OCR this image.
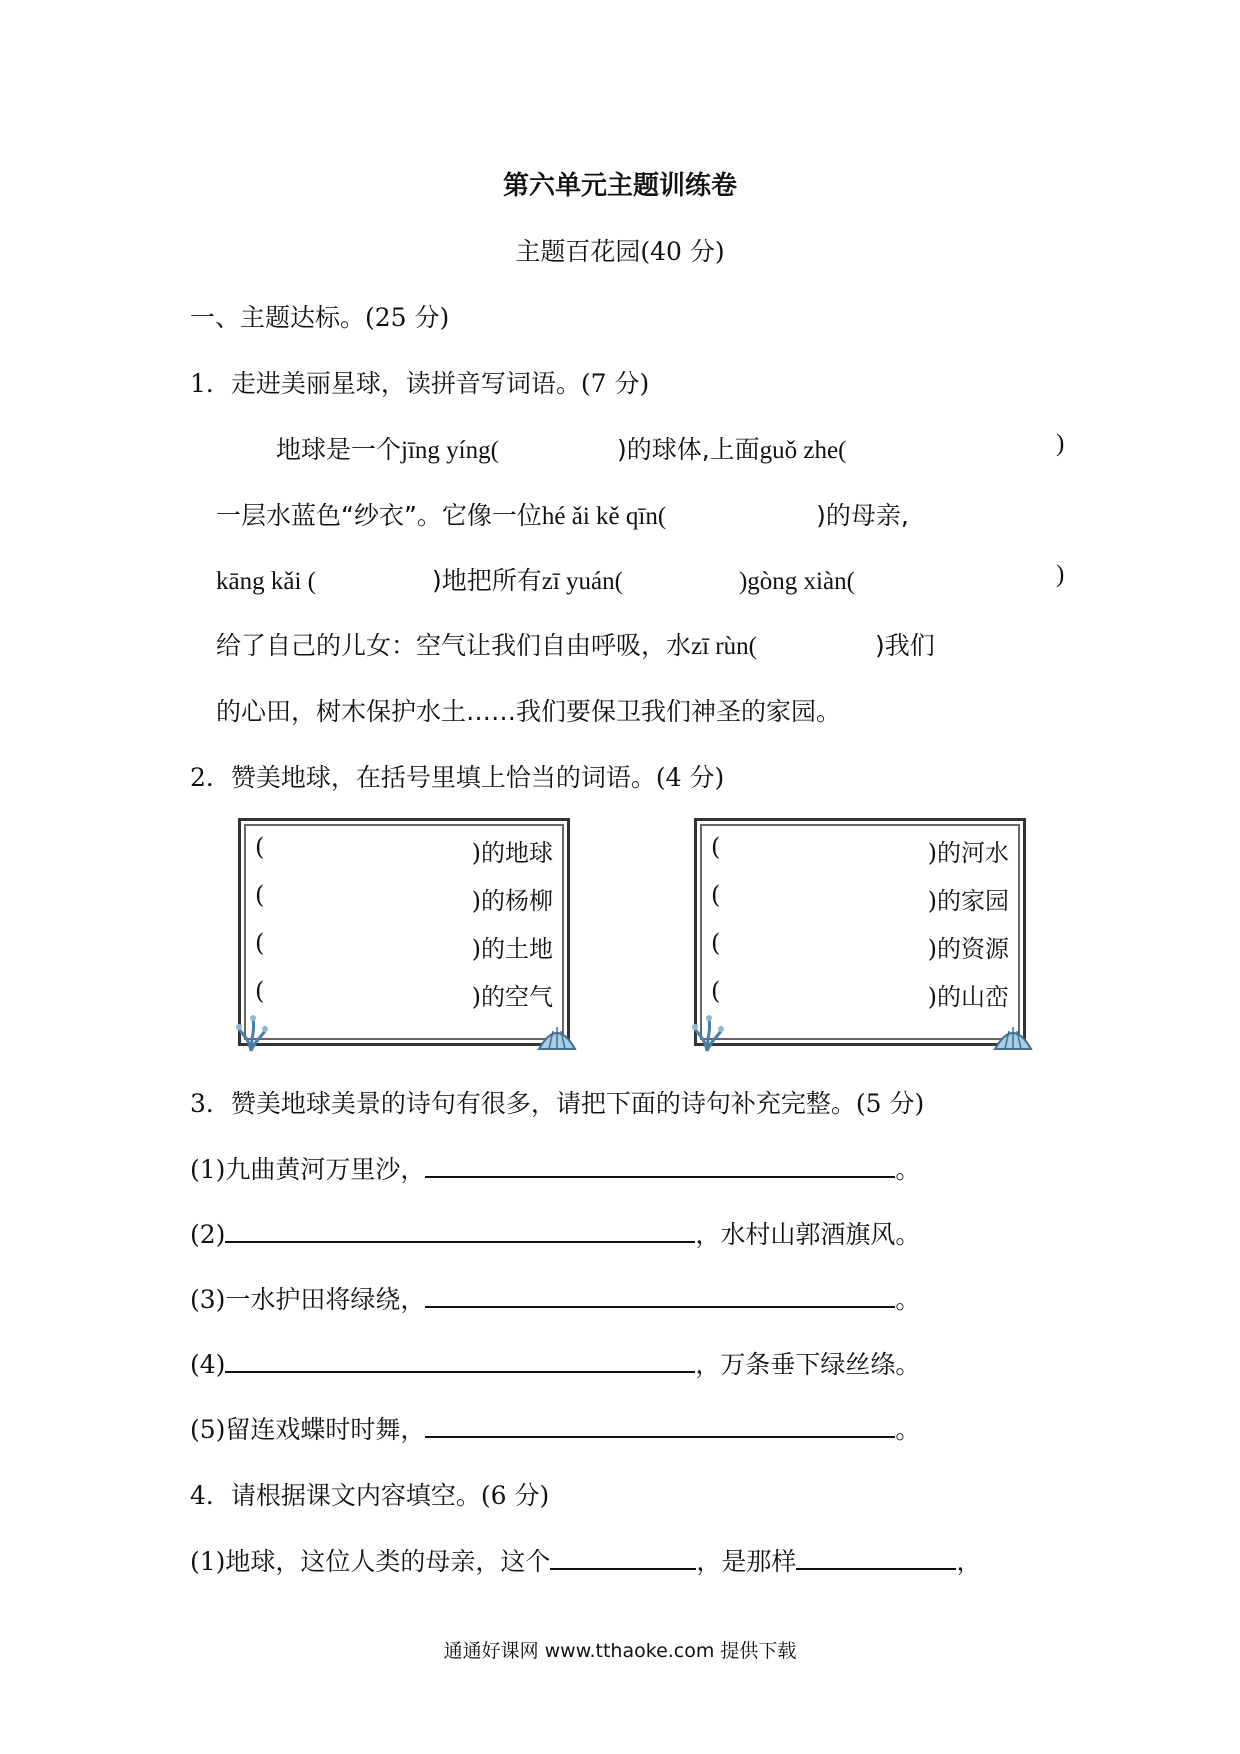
第六单元主题训练卷
主题百花园(40 分)
一、主题达标。(25 分)
1．走进美丽星球，读拼音写词语。(7 分)
地球是一个jīng yíng(	)的球体,上面guǒ zhe(	)
一层水蓝色“纱衣”。它像一位hé ǎi kě qīn(	)的母亲,
kāng kǎi (	)地把所有zī yuán(	)gòng xiàn(	)
给了自己的儿女：空气让我们自由呼吸，水zī rùn(	)我们
的心田，树木保护水土……我们要保卫我们神圣的家园。
2．赞美地球，在括号里填上恰当的词语。(4 分)
(	)的地球
(	)的杨柳
(	)的土地
(	)的空气
(	)的河水
(	)的家园
(	)的资源
(	)的山峦
3．赞美地球美景的诗句有很多，请把下面的诗句补充完整。(5 分)
(1)九曲黄河万里沙，	。
(2)	，水村山郭酒旗风。
(3)一水护田将绿绕，	。
(4)	，万条垂下绿丝绦。
(5)留连戏蝶时时舞，	。
4．请根据课文内容填空。(6 分)
(1)地球，这位人类的母亲，这个	，是那样	，
通通好课网 www.tthaoke.com 提供下载
